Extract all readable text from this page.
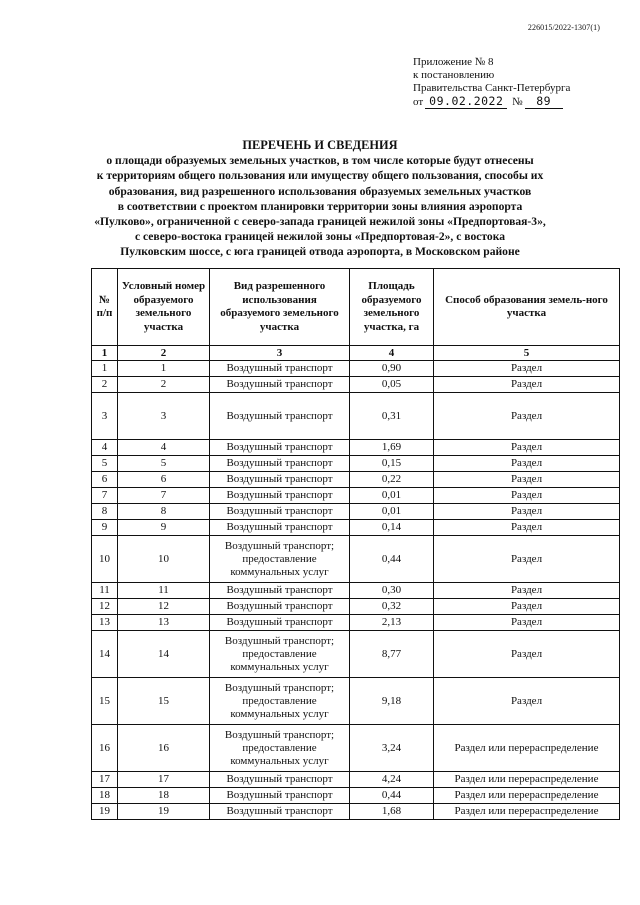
226015/2022-1307(1)
Приложение № 8
к постановлению
Правительства Санкт-Петербурга
от 09.02.2022 № 89
ПЕРЕЧЕНЬ И СВЕДЕНИЯ
о площади образуемых земельных участков, в том числе которые будут отнесены
к территориям общего пользования или имуществу общего пользования, способы их
образования, вид разрешенного использования образуемых земельных участков
в соответствии с проектом планировки территории зоны влияния аэропорта
«Пулково», ограниченной с северо-запада границей нежилой зоны «Предпортовая-3»,
с северо-востока границей нежилой зоны «Предпортовая-2», с востока
Пулковским шоссе, с юга границей отвода аэропорта, в Московском районе
№ п/п	Условный номер образуемого земельного участка	Вид разрешенного использования образуемого земельного участка	Площадь образуемого земельного участка, га	Способ образования земель-ного участка
1	2	3	4	5
1	1	Воздушный транспорт	0,90	Раздел
2	2	Воздушный транспорт	0,05	Раздел
3	3	Воздушный транспорт	0,31	Раздел
4	4	Воздушный транспорт	1,69	Раздел
5	5	Воздушный транспорт	0,15	Раздел
6	6	Воздушный транспорт	0,22	Раздел
7	7	Воздушный транспорт	0,01	Раздел
8	8	Воздушный транспорт	0,01	Раздел
9	9	Воздушный транспорт	0,14	Раздел
10	10	Воздушный транспорт; предоставление коммунальных услуг	0,44	Раздел
11	11	Воздушный транспорт	0,30	Раздел
12	12	Воздушный транспорт	0,32	Раздел
13	13	Воздушный транспорт	2,13	Раздел
14	14	Воздушный транспорт; предоставление коммунальных услуг	8,77	Раздел
15	15	Воздушный транспорт; предоставление коммунальных услуг	9,18	Раздел
16	16	Воздушный транспорт; предоставление коммунальных услуг	3,24	Раздел или перераспределение
17	17	Воздушный транспорт	4,24	Раздел или перераспределение
18	18	Воздушный транспорт	0,44	Раздел или перераспределение
19	19	Воздушный транспорт	1,68	Раздел или перераспределение
